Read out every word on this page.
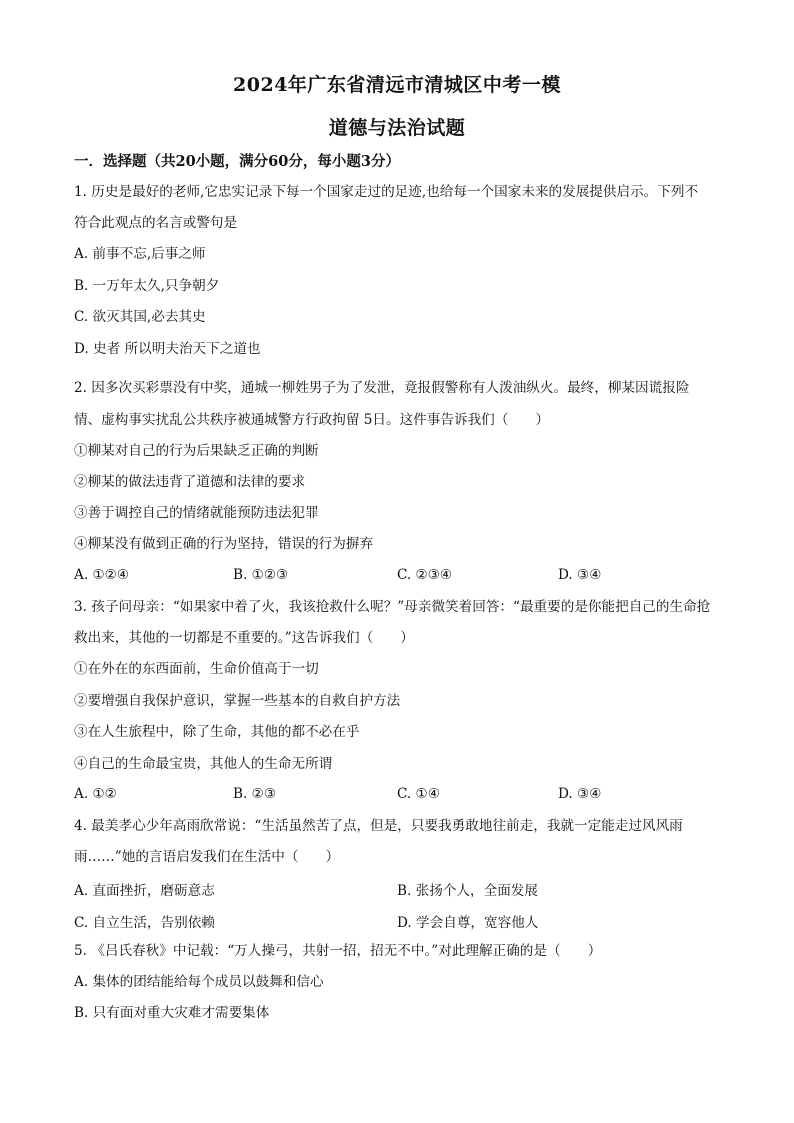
2024年广东省清远市清城区中考一模
道德与法治试题
一．选择题（共20小题，满分60分，每小题3分）
1. 历史是最好的老师,它忠实记录下每一个国家走过的足迹,也给每一个国家未来的发展提供启示。下列不
符合此观点的名言或警句是
A. 前事不忘,后事之师
B. 一万年太久,只争朝夕
C. 欲灭其国,必去其史
D. 史者 所以明夫治天下之道也
2. 因多次买彩票没有中奖，通城一柳姓男子为了发泄，竟报假警称有人泼油纵火。最终，柳某因谎报险
情、虚构事实扰乱公共秩序被通城警方行政拘留 5日。这件事告诉我们（　　）
①柳某对自己的行为后果缺乏正确的判断
②柳某的做法违背了道德和法律的要求
③善于调控自己的情绪就能预防违法犯罪
④柳某没有做到正确的行为坚持，错误的行为摒弃
A. ①②④	B. ①②③	C. ②③④	D. ③④
3. 孩子问母亲：“如果家中着了火，我该抢救什么呢？”母亲微笑着回答：“最重要的是你能把自己的生命抢
救出来，其他的一切都是不重要的。”这告诉我们（　　）
①在外在的东西面前，生命价值高于一切
②要增强自我保护意识，掌握一些基本的自救自护方法
③在人生旅程中，除了生命，其他的都不必在乎
④自己的生命最宝贵，其他人的生命无所谓
A. ①②	B. ②③	C. ①④	D. ③④
4. 最美孝心少年高雨欣常说：“生活虽然苦了点，但是，只要我勇敢地往前走，我就一定能走过风风雨
雨……”她的言语启发我们在生活中（　　）
A. 直面挫折，磨砺意志	B. 张扬个人，全面发展
C. 自立生活，告别依赖	D. 学会自尊，宽容他人
5. 《吕氏春秋》中记载：“万人操弓，共射一招，招无不中。”对此理解正确的是（　　）
A. 集体的团结能给每个成员以鼓舞和信心
B. 只有面对重大灾难才需要集体
